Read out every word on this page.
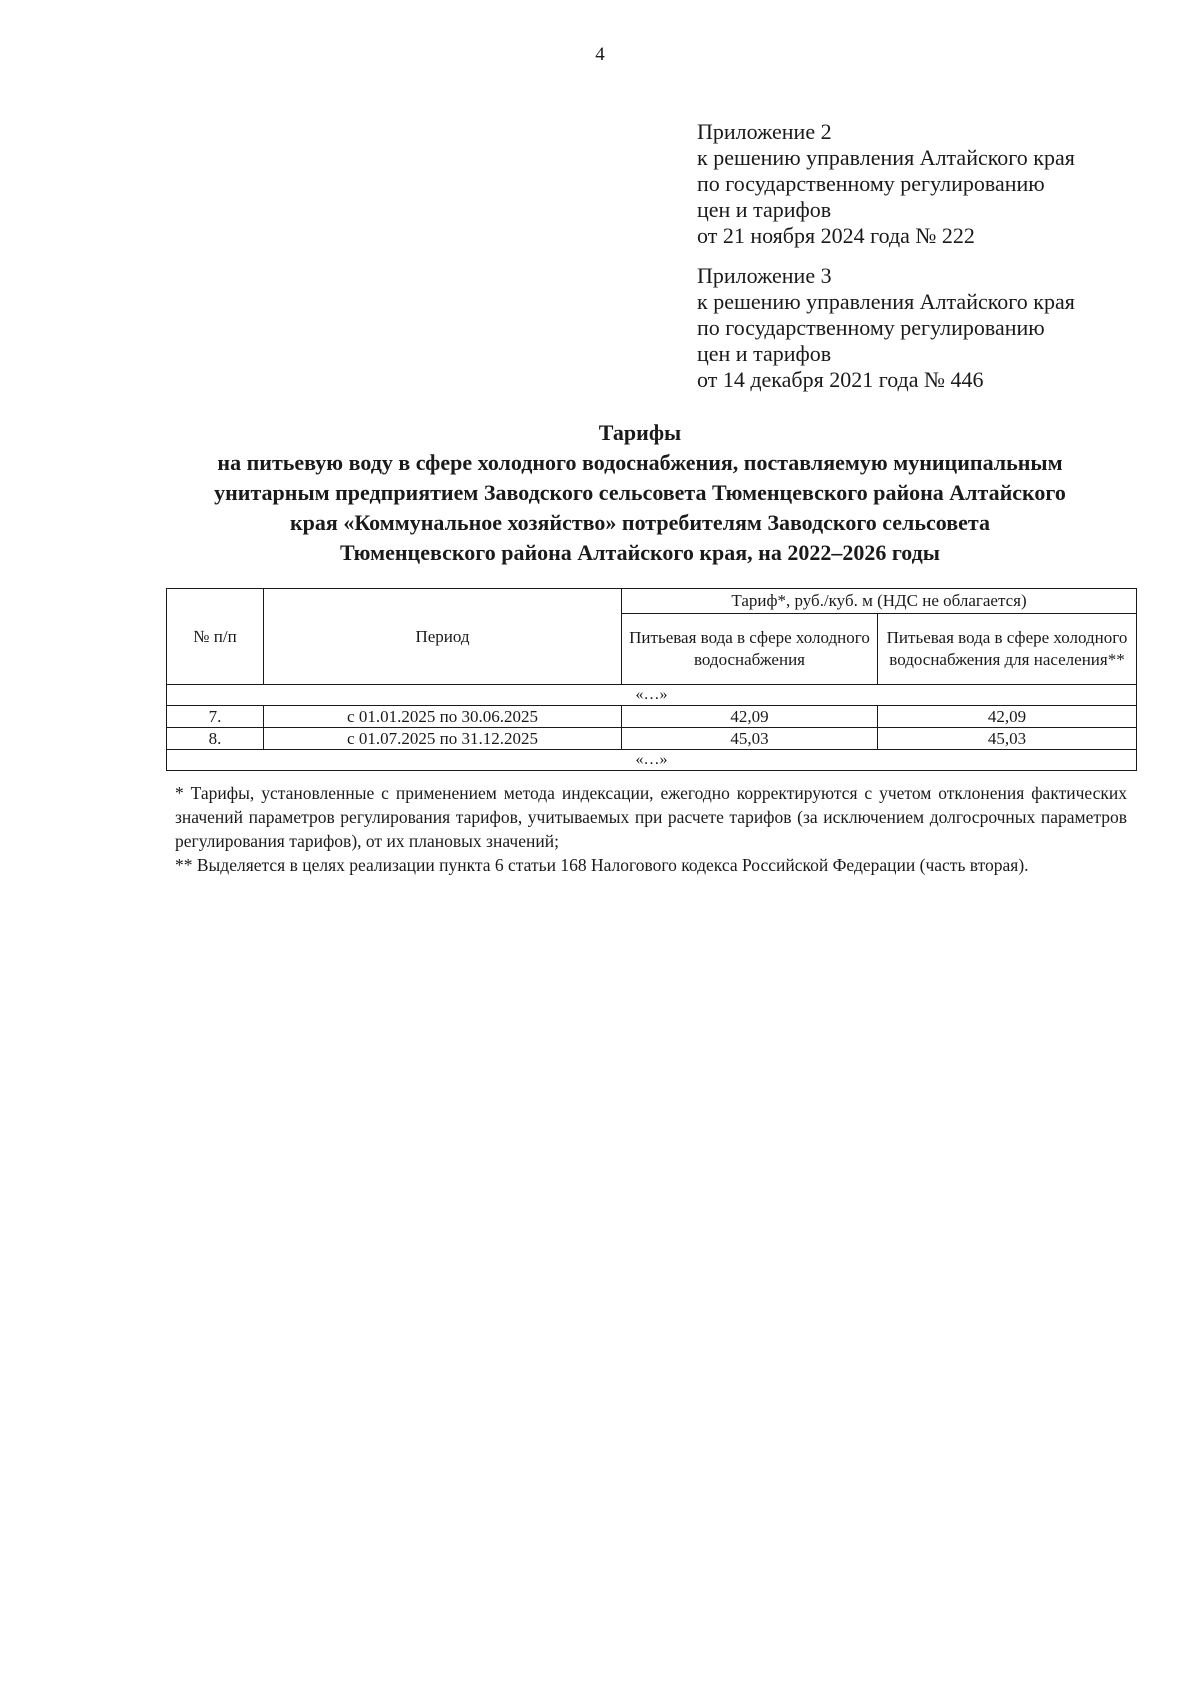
4
Приложение 2
к решению управления Алтайского края
по государственному регулированию
цен и тарифов
от 21 ноября 2024 года № 222
Приложение 3
к решению управления Алтайского края
по государственному регулированию
цен и тарифов
от 14 декабря 2021 года № 446
Тарифы
на питьевую воду в сфере холодного водоснабжения, поставляемую муниципальным
унитарным предприятием Заводского сельсовета Тюменцевского района Алтайского
края «Коммунальное хозяйство» потребителям Заводского сельсовета
Тюменцевского района Алтайского края, на 2022–2026 годы
№ п/п	Период	Тариф*, руб./куб. м (НДС не облагается)	
		Питьевая вода в сфере холодного водоснабжения	Питьевая вода в сфере холодного водоснабжения для населения**
«…»			
7.	с 01.01.2025 по 30.06.2025	42,09	42,09
8.	с 01.07.2025 по 31.12.2025	45,03	45,03
«…»			

* Тарифы, установленные с применением метода индексации, ежегодно корректируются с учетом отклонения фактических значений параметров регулирования тарифов, учитываемых при расчете тарифов (за исключением долгосрочных параметров регулирования тарифов), от их плановых значений;

** Выделяется в целях реализации пункта 6 статьи 168 Налогового кодекса Российской Федерации (часть вторая).
